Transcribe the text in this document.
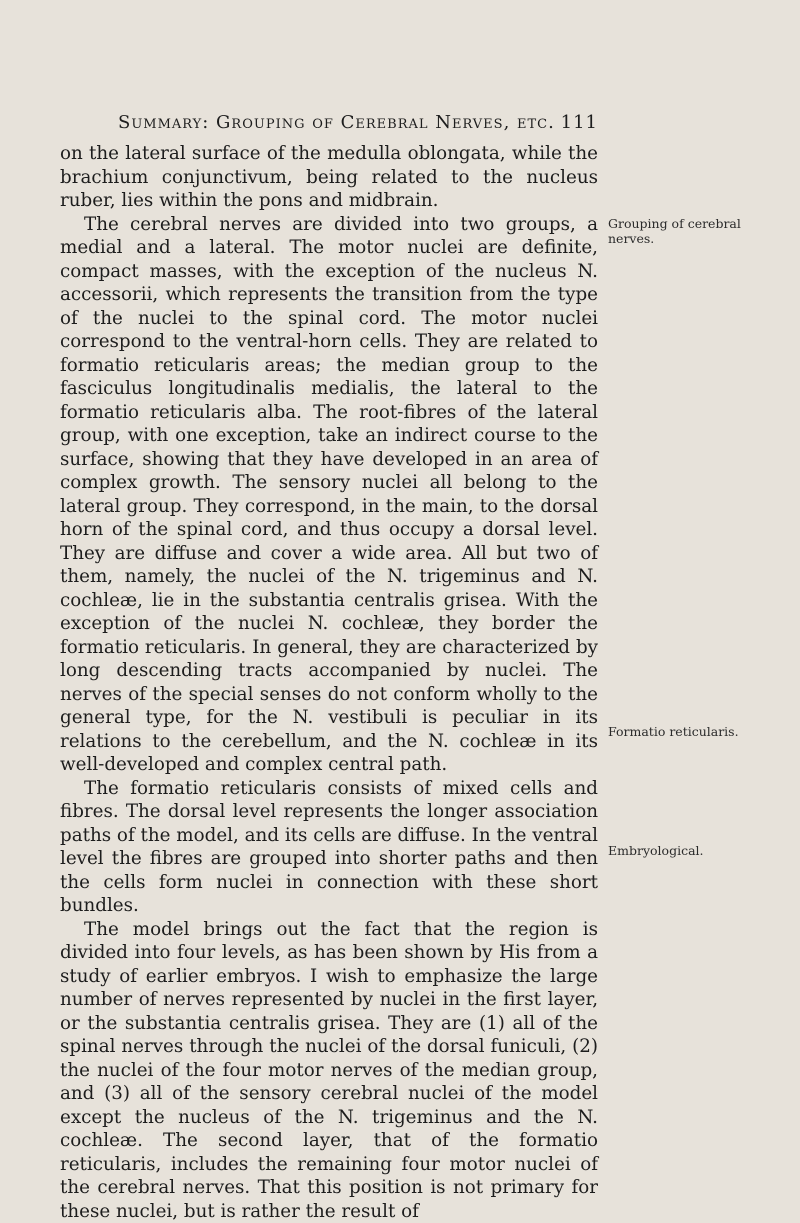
Summary: Grouping of Cerebral Nerves, etc. 111

on the lateral surface of the medulla oblongata, while the brachium conjunctivum, being related to the nucleus ruber, lies within the pons and midbrain.

The cerebral nerves are divided into two groups, a medial and a lateral. The motor nuclei are definite, compact masses, with the exception of the nucleus N. accessorii, which represents the transition from the type of the nuclei to the spinal cord. The motor nuclei correspond to the ventral-horn cells. They are related to formatio reticularis areas; the median group to the fasciculus longitudinalis medialis, the lateral to the formatio reticularis alba. The root-fibres of the lateral group, with one exception, take an indirect course to the surface, showing that they have developed in an area of complex growth. The sensory nuclei all belong to the lateral group. They correspond, in the main, to the dorsal horn of the spinal cord, and thus occupy a dorsal level. They are diffuse and cover a wide area. All but two of them, namely, the nuclei of the N. trigeminus and N. cochleæ, lie in the substantia centralis grisea. With the exception of the nuclei N. cochleæ, they border the formatio reticularis. In general, they are characterized by long descending tracts accompanied by nuclei. The nerves of the special senses do not conform wholly to the general type, for the N. vestibuli is peculiar in its relations to the cerebellum, and the N. cochleæ in its well-developed and complex central path.

The formatio reticularis consists of mixed cells and fibres. The dorsal level represents the longer association paths of the model, and its cells are diffuse. In the ventral level the fibres are grouped into shorter paths and then the cells form nuclei in connection with these short bundles.

The model brings out the fact that the region is divided into four levels, as has been shown by His from a study of earlier embryos. I wish to emphasize the large number of nerves represented by nuclei in the first layer, or the substantia centralis grisea. They are (1) all of the spinal nerves through the nuclei of the dorsal funiculi, (2) the nuclei of the four motor nerves of the median group, and (3) all of the sensory cerebral nuclei of the model except the nucleus of the N. trigeminus and the N. cochleæ. The second layer, that of the formatio reticularis, includes the remaining four motor nuclei of the cerebral nerves. That this position is not primary for these nuclei, but is rather the result of

Grouping of cerebral nerves.
Formatio reticularis.
Embryological.
